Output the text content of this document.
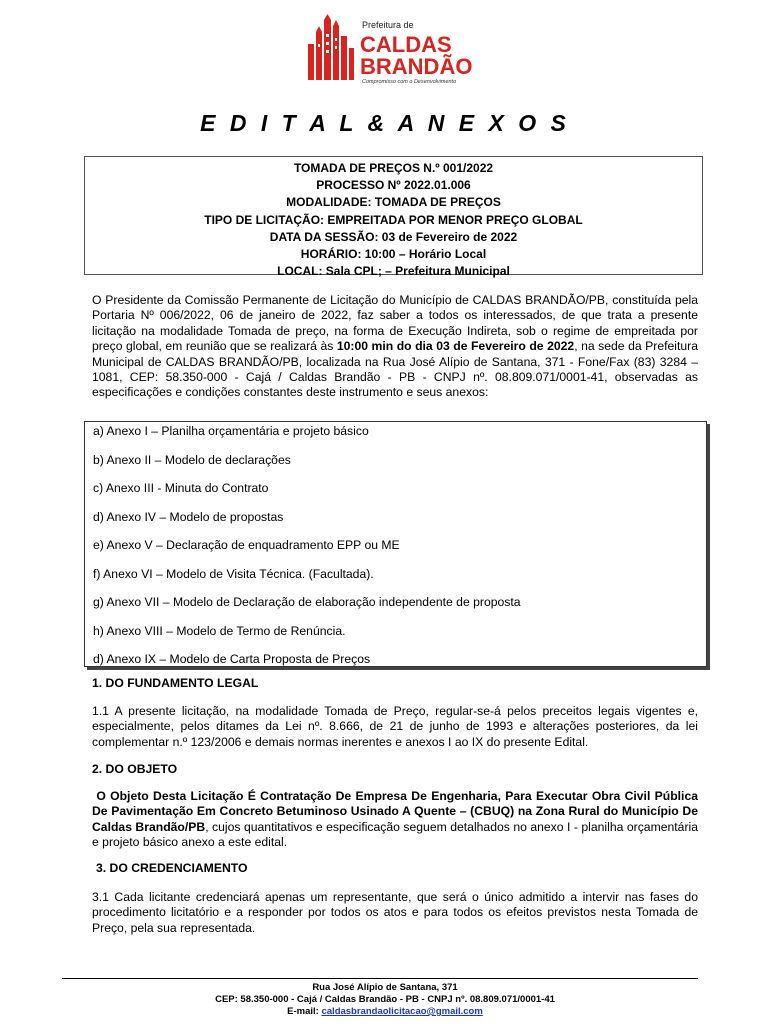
Prefeitura de
CALDAS
BRANDÃO
Compromisso com o Desenvolvimento
E D I T A L & A N E X O S
TOMADA DE PREÇOS N.º 001/2022
PROCESSO Nº 2022.01.006
MODALIDADE: TOMADA DE PREÇOS
TIPO DE LICITAÇÃO: EMPREITADA POR MENOR PREÇO GLOBAL
DATA DA SESSÃO: 03 de Fevereiro de 2022
HORÁRIO: 10:00 – Horário Local
LOCAL: Sala CPL; – Prefeitura Municipal
O Presidente da Comissão Permanente de Licitação do Município de CALDAS BRANDÃO/PB, constituída pela Portaria Nº 006/2022, 06 de janeiro de 2022, faz saber a todos os interessados, de que trata a presente licitação na modalidade Tomada de preço, na forma de Execução Indireta, sob o regime de empreitada por preço global, em reunião que se realizará às 10:00 min do dia 03 de Fevereiro de 2022, na sede da Prefeitura Municipal de CALDAS BRANDÃO/PB, localizada na Rua José Alípio de Santana, 371 - Fone/Fax (83) 3284 – 1081, CEP: 58.350-000 - Cajá / Caldas Brandão - PB - CNPJ nº. 08.809.071/0001-41, observadas as especificações e condições constantes deste instrumento e seus anexos:
a) Anexo I – Planilha orçamentária e projeto básico
b) Anexo II – Modelo de declarações
c) Anexo III - Minuta do Contrato
d) Anexo IV – Modelo de propostas
e) Anexo V – Declaração de enquadramento EPP ou ME
f) Anexo VI – Modelo de Visita Técnica. (Facultada).
g) Anexo VII – Modelo de Declaração de elaboração independente de proposta
h) Anexo VIII – Modelo de Termo de Renúncia.
d) Anexo IX – Modelo de Carta Proposta de Preços
1. DO FUNDAMENTO LEGAL
1.1 A presente licitação, na modalidade Tomada de Preço, regular-se-á pelos preceitos legais vigentes e, especialmente, pelos ditames da Lei nº. 8.666, de 21 de junho de 1993 e alterações posteriores, da lei complementar n.º 123/2006 e demais normas inerentes e anexos I ao IX do presente Edital.
2. DO OBJETO
O Objeto Desta Licitação É Contratação De Empresa De Engenharia, Para Executar Obra Civil Pública De Pavimentação Em Concreto Betuminoso Usinado A Quente – (CBUQ) na Zona Rural do Município De Caldas Brandão/PB, cujos quantitativos e especificação seguem detalhados no anexo I - planilha orçamentária e projeto básico anexo a este edital.
3. DO CREDENCIAMENTO
3.1 Cada licitante credenciará apenas um representante, que será o único admitido a intervir nas fases do procedimento licitatório e a responder por todos os atos e para todos os efeitos previstos nesta Tomada de Preço, pela sua representada.
Rua José Alípio de Santana, 371
CEP: 58.350-000 - Cajá / Caldas Brandão - PB - CNPJ nº. 08.809.071/0001-41
E-mail: caldasbrandaolicitacao@gmail.com
